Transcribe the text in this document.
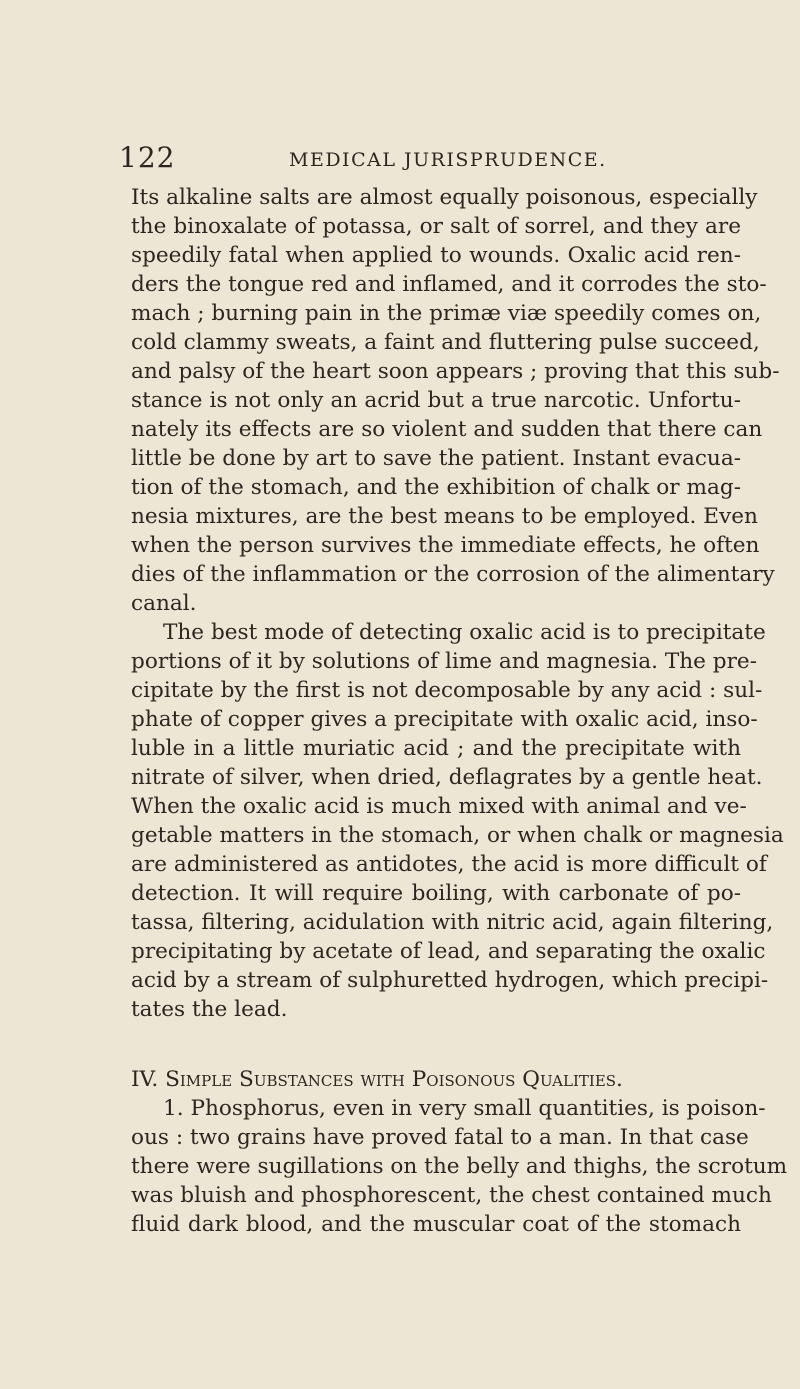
122	MEDICAL JURISPRUDENCE.
Its alkaline salts are almost equally poisonous, especially
the binoxalate of potassa, or salt of sorrel, and they are
speedily fatal when applied to wounds. Oxalic acid ren-
ders the tongue red and inflamed, and it corrodes the sto-
mach ; burning pain in the primæ viæ speedily comes on,
cold clammy sweats, a faint and fluttering pulse succeed,
and palsy of the heart soon appears ; proving that this sub-
stance is not only an acrid but a true narcotic. Unfortu-
nately its effects are so violent and sudden that there can
little be done by art to save the patient. Instant evacua-
tion of the stomach, and the exhibition of chalk or mag-
nesia mixtures, are the best means to be employed. Even
when the person survives the immediate effects, he often
dies of the inflammation or the corrosion of the alimentary
canal.
The best mode of detecting oxalic acid is to precipitate
portions of it by solutions of lime and magnesia. The pre-
cipitate by the first is not decomposable by any acid : sul-
phate of copper gives a precipitate with oxalic acid, inso-
luble in a little muriatic acid ; and the precipitate with
nitrate of silver, when dried, deflagrates by a gentle heat.
When the oxalic acid is much mixed with animal and ve-
getable matters in the stomach, or when chalk or magnesia
are administered as antidotes, the acid is more difficult of
detection. It will require boiling, with carbonate of po-
tassa, filtering, acidulation with nitric acid, again filtering,
precipitating by acetate of lead, and separating the oxalic
acid by a stream of sulphuretted hydrogen, which precipi-
tates the lead.
IV. Simple Substances with Poisonous Qualities.
1. Phosphorus, even in very small quantities, is poison-
ous : two grains have proved fatal to a man. In that case
there were sugillations on the belly and thighs, the scrotum
was bluish and phosphorescent, the chest contained much
fluid dark blood, and the muscular coat of the stomach
